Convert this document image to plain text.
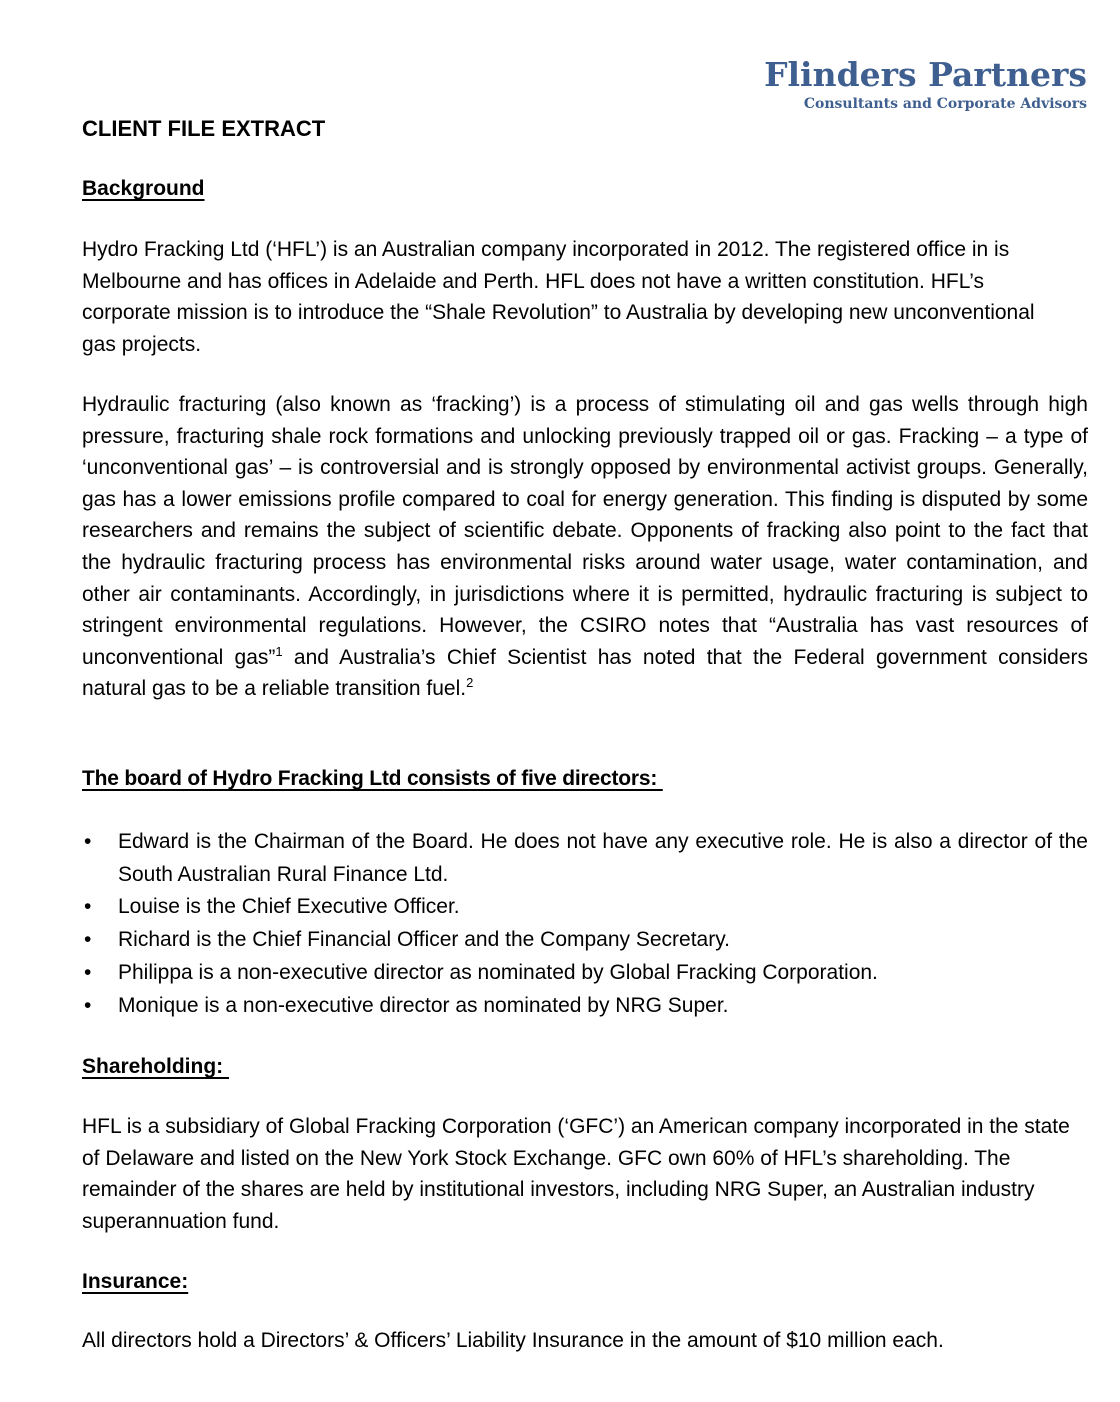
Flinders Partners
Consultants and Corporate Advisors
CLIENT FILE EXTRACT
Background

Hydro Fracking Ltd (‘HFL’) is an Australian company incorporated in 2012. The registered office in is Melbourne and has offices in Adelaide and Perth. HFL does not have a written constitution. HFL’s corporate mission is to introduce the “Shale Revolution” to Australia by developing new unconventional gas projects.

Hydraulic fracturing (also known as ‘fracking’) is a process of stimulating oil and gas wells through high pressure, fracturing shale rock formations and unlocking previously trapped oil or gas. Fracking – a type of ‘unconventional gas’ – is controversial and is strongly opposed by environmental activist groups. Generally, gas has a lower emissions profile compared to coal for energy generation. This finding is disputed by some researchers and remains the subject of scientific debate. Opponents of fracking also point to the fact that the hydraulic fracturing process has environmental risks around water usage, water contamination, and other air contaminants. Accordingly, in jurisdictions where it is permitted, hydraulic fracturing is subject to stringent environmental regulations. However, the CSIRO notes that “Australia has vast resources of unconventional gas”$^1$ and Australia’s Chief Scientist has noted that the Federal government considers natural gas to be a reliable transition fuel.$^2$

The board of Hydro Fracking Ltd consists of five directors:
• Edward is the Chairman of the Board. He does not have any executive role. He is also a director of the South Australian Rural Finance Ltd.
• Louise is the Chief Executive Officer.
• Richard is the Chief Financial Officer and the Company Secretary.
• Philippa is a non-executive director as nominated by Global Fracking Corporation.
• Monique is a non-executive director as nominated by NRG Super.
Shareholding:

HFL is a subsidiary of Global Fracking Corporation (‘GFC’) an American company incorporated in the state of Delaware and listed on the New York Stock Exchange. GFC own 60% of HFL’s shareholding. The remainder of the shares are held by institutional investors, including NRG Super, an Australian industry superannuation fund.

Insurance:

All directors hold a Directors’ & Officers’ Liability Insurance in the amount of $10 million each.
